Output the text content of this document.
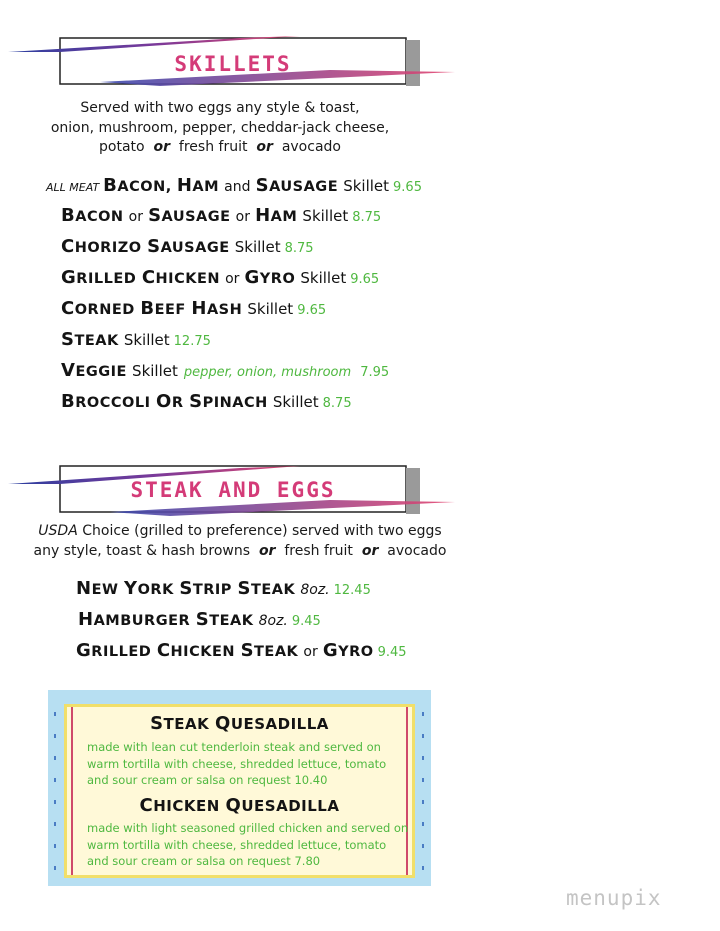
SKILLETS
Served with two eggs any style & toast,
onion, mushroom, pepper, cheddar-jack cheese,
potato or fresh fruit or avocado
ALL MEAT BACON, HAM and SAUSAGE Skillet 9.65
BACON or SAUSAGE or HAM Skillet 8.75
CHORIZO SAUSAGE Skillet 8.75
GRILLED CHICKEN or GYRO Skillet 9.65
CORNED BEEF HASH Skillet 9.65
STEAK Skillet 12.75
VEGGIE Skillet pepper, onion, mushroom 7.95
BROCCOLI OR SPINACH Skillet 8.75
STEAK AND EGGS
USDA Choice (grilled to preference) served with two eggs
any style, toast & hash browns or fresh fruit or avocado
NEW YORK STRIP STEAK 8oz. 12.45
HAMBURGER STEAK 8oz. 9.45
GRILLED CHICKEN STEAK or GYRO 9.45
STEAK QUESADILLA
made with lean cut tenderloin steak and served on
warm tortilla with cheese, shredded lettuce, tomato
and sour cream or salsa on request 10.40
CHICKEN QUESADILLA
made with light seasoned grilled chicken and served on
warm tortilla with cheese, shredded lettuce, tomato
and sour cream or salsa on request 7.80
menupix
